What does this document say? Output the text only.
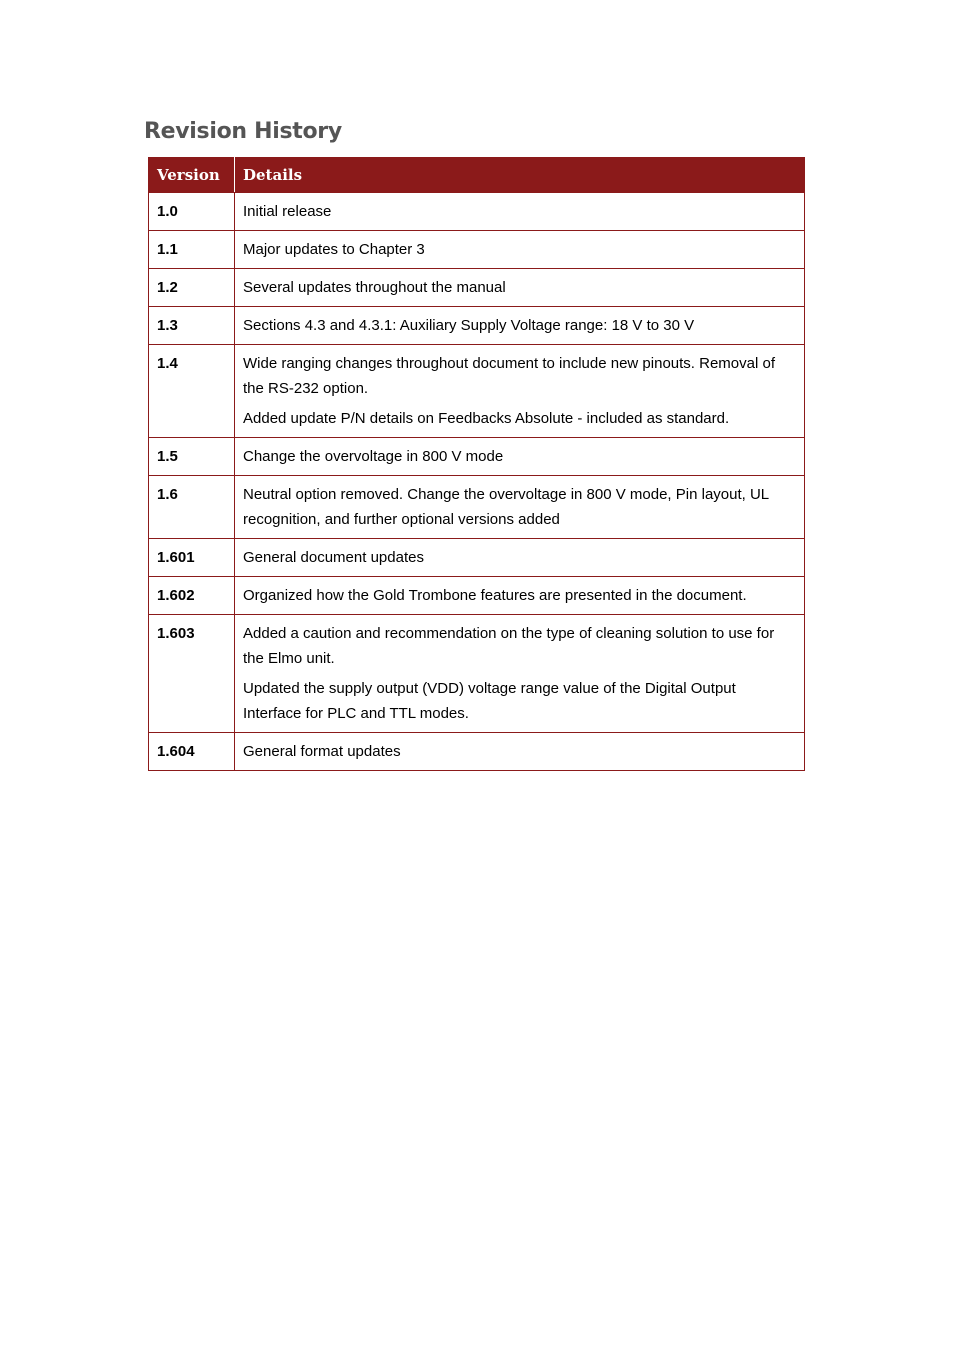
Revision History
Version	Details
1.0	Initial release

1.1	Major updates to Chapter 3

1.2	Several updates throughout the manual

1.3	Sections 4.3 and 4.3.1: Auxiliary Supply Voltage range: 18 V to 30 V

1.4	Wide ranging changes throughout document to include new pinouts. Removal of the RS-232 option.

Added update P/N details on Feedbacks Absolute - included as standard.

1.5	Change the overvoltage in 800 V mode

1.6	Neutral option removed. Change the overvoltage in 800 V mode, Pin layout, UL recognition, and further optional versions added

1.601	General document updates

1.602	Organized how the Gold Trombone features are presented in the document.

1.603	Added a caution and recommendation on the type of cleaning solution to use for the Elmo unit.

Updated the supply output (VDD) voltage range value of the Digital Output Interface for PLC and TTL modes.

1.604	General format updates
